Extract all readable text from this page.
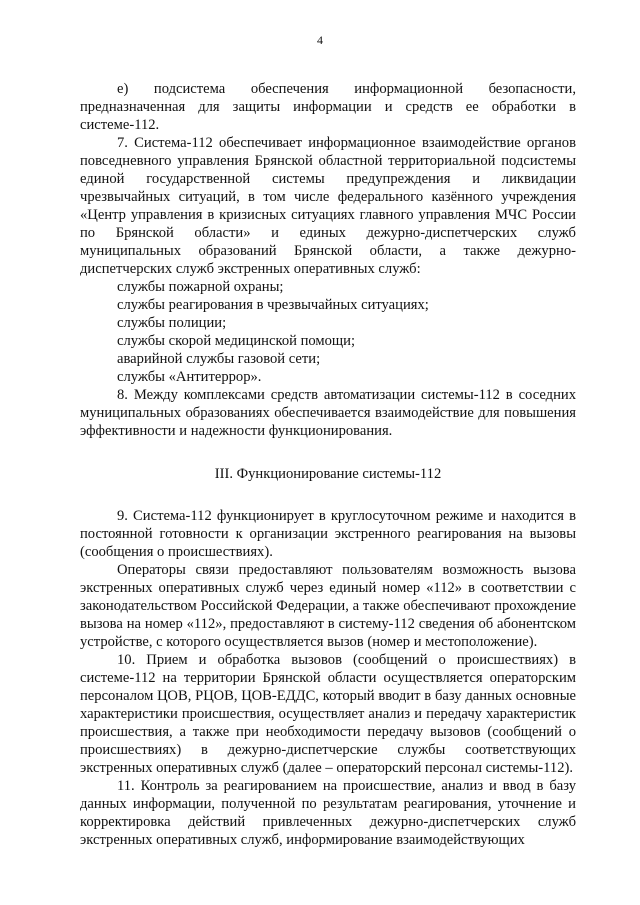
4

е) подсистема обеспечения информационной безопасности, предназначенная для защиты информации и средств ее обработки в системе-112.

7. Система-112 обеспечивает информационное взаимодействие органов повседневного управления Брянской областной территориальной подсистемы единой государственной системы предупреждения и ликвидации чрезвычайных ситуаций, в том числе федерального казённого учреждения «Центр управления в кризисных ситуациях главного управления МЧС России по Брянской области» и единых дежурно-диспетчерских служб муниципальных образований Брянской области, а также дежурно-диспетчерских служб экстренных оперативных служб:

службы пожарной охраны;

службы реагирования в чрезвычайных ситуациях;

службы полиции;

службы скорой медицинской помощи;

аварийной службы газовой сети;

службы «Антитеррор».

8. Между комплексами средств автоматизации системы-112 в соседних муниципальных образованиях обеспечивается взаимодействие для повышения эффективности и надежности функционирования.

III. Функционирование системы-112

9. Система-112 функционирует в круглосуточном режиме и находится в постоянной готовности к организации экстренного реагирования на вызовы (сообщения о происшествиях).

Операторы связи предоставляют пользователям возможность вызова экстренных оперативных служб через единый номер «112» в соответствии с законодательством Российской Федерации, а также обеспечивают прохождение вызова на номер «112», предоставляют в систему-112 сведения об абонентском устройстве, с которого осуществляется вызов (номер и местоположение).

10. Прием и обработка вызовов (сообщений о происшествиях) в системе-112 на территории Брянской области осуществляется операторским персоналом ЦОВ, РЦОВ, ЦОВ-ЕДДС, который вводит в базу данных основные характеристики происшествия, осуществляет анализ и передачу характеристик происшествия, а также при необходимости передачу вызовов (сообщений о происшествиях) в дежурно-диспетчерские службы соответствующих экстренных оперативных служб (далее – операторский персонал системы-112).

11. Контроль за реагированием на происшествие, анализ и ввод в базу данных информации, полученной по результатам реагирования, уточнение и корректировка действий привлеченных дежурно-диспетчерских служб экстренных оперативных служб, информирование взаимодействующих
